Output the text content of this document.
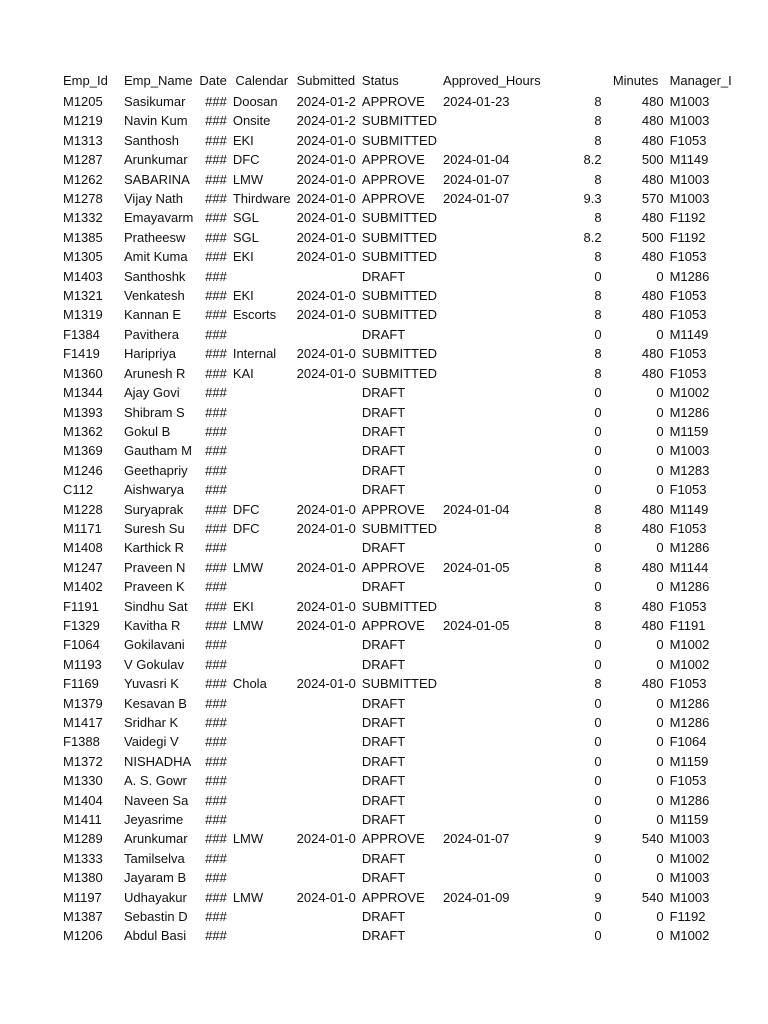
Emp_Id	Emp_Name	Date	Calendar	Submitted	Status	Approved_Hours		Minutes	Manager_I
M1205	Sasikumar	###	Doosan	2024-01-2	APPROVE	2024-01-23	8	480	M1003
M1219	Navin Kum	###	Onsite	2024-01-2	SUBMITTED		8	480	M1003
M1313	Santhosh	###	EKI	2024-01-0	SUBMITTED		8	480	F1053
M1287	Arunkumar	###	DFC	2024-01-0	APPROVE	2024-01-04	8.2	500	M1149
M1262	SABARINA	###	LMW	2024-01-0	APPROVE	2024-01-07	8	480	M1003
M1278	Vijay Nath	###	Thirdware	2024-01-0	APPROVE	2024-01-07	9.3	570	M1003
M1332	Emayavarm	###	SGL	2024-01-0	SUBMITTED		8	480	F1192
M1385	Pratheesw	###	SGL	2024-01-0	SUBMITTED		8.2	500	F1192
M1305	Amit Kuma	###	EKI	2024-01-0	SUBMITTED		8	480	F1053
M1403	Santhoshk	###			DRAFT		0	0	M1286
M1321	Venkatesh	###	EKI	2024-01-0	SUBMITTED		8	480	F1053
M1319	Kannan E	###	Escorts	2024-01-0	SUBMITTED		8	480	F1053
F1384	Pavithera	###			DRAFT		0	0	M1149
F1419	Haripriya	###	Internal	2024-01-0	SUBMITTED		8	480	F1053
M1360	Arunesh R	###	KAI	2024-01-0	SUBMITTED		8	480	F1053
M1344	Ajay Govi	###			DRAFT		0	0	M1002
M1393	Shibram S	###			DRAFT		0	0	M1286
M1362	Gokul B	###			DRAFT		0	0	M1159
M1369	Gautham M	###			DRAFT		0	0	M1003
M1246	Geethapriy	###			DRAFT		0	0	M1283
C112	Aishwarya	###			DRAFT		0	0	F1053
M1228	Suryaprak	###	DFC	2024-01-0	APPROVE	2024-01-04	8	480	M1149
M1171	Suresh Su	###	DFC	2024-01-0	SUBMITTED		8	480	F1053
M1408	Karthick R	###			DRAFT		0	0	M1286
M1247	Praveen N	###	LMW	2024-01-0	APPROVE	2024-01-05	8	480	M1144
M1402	Praveen K	###			DRAFT		0	0	M1286
F1191	Sindhu Sat	###	EKI	2024-01-0	SUBMITTED		8	480	F1053
F1329	Kavitha R	###	LMW	2024-01-0	APPROVE	2024-01-05	8	480	F1191
F1064	Gokilavani	###			DRAFT		0	0	M1002
M1193	V Gokulav	###			DRAFT		0	0	M1002
F1169	Yuvasri K	###	Chola	2024-01-0	SUBMITTED		8	480	F1053
M1379	Kesavan B	###			DRAFT		0	0	M1286
M1417	Sridhar K	###			DRAFT		0	0	M1286
F1388	Vaidegi V	###			DRAFT		0	0	F1064
M1372	NISHADHA	###			DRAFT		0	0	M1159
M1330	A. S. Gowr	###			DRAFT		0	0	F1053
M1404	Naveen Sa	###			DRAFT		0	0	M1286
M1411	Jeyasrime	###			DRAFT		0	0	M1159
M1289	Arunkumar	###	LMW	2024-01-0	APPROVE	2024-01-07	9	540	M1003
M1333	Tamilselva	###			DRAFT		0	0	M1002
M1380	Jayaram B	###			DRAFT		0	0	M1003
M1197	Udhayakur	###	LMW	2024-01-0	APPROVE	2024-01-09	9	540	M1003
M1387	Sebastin D	###			DRAFT		0	0	F1192
M1206	Abdul Basi	###			DRAFT		0	0	M1002
